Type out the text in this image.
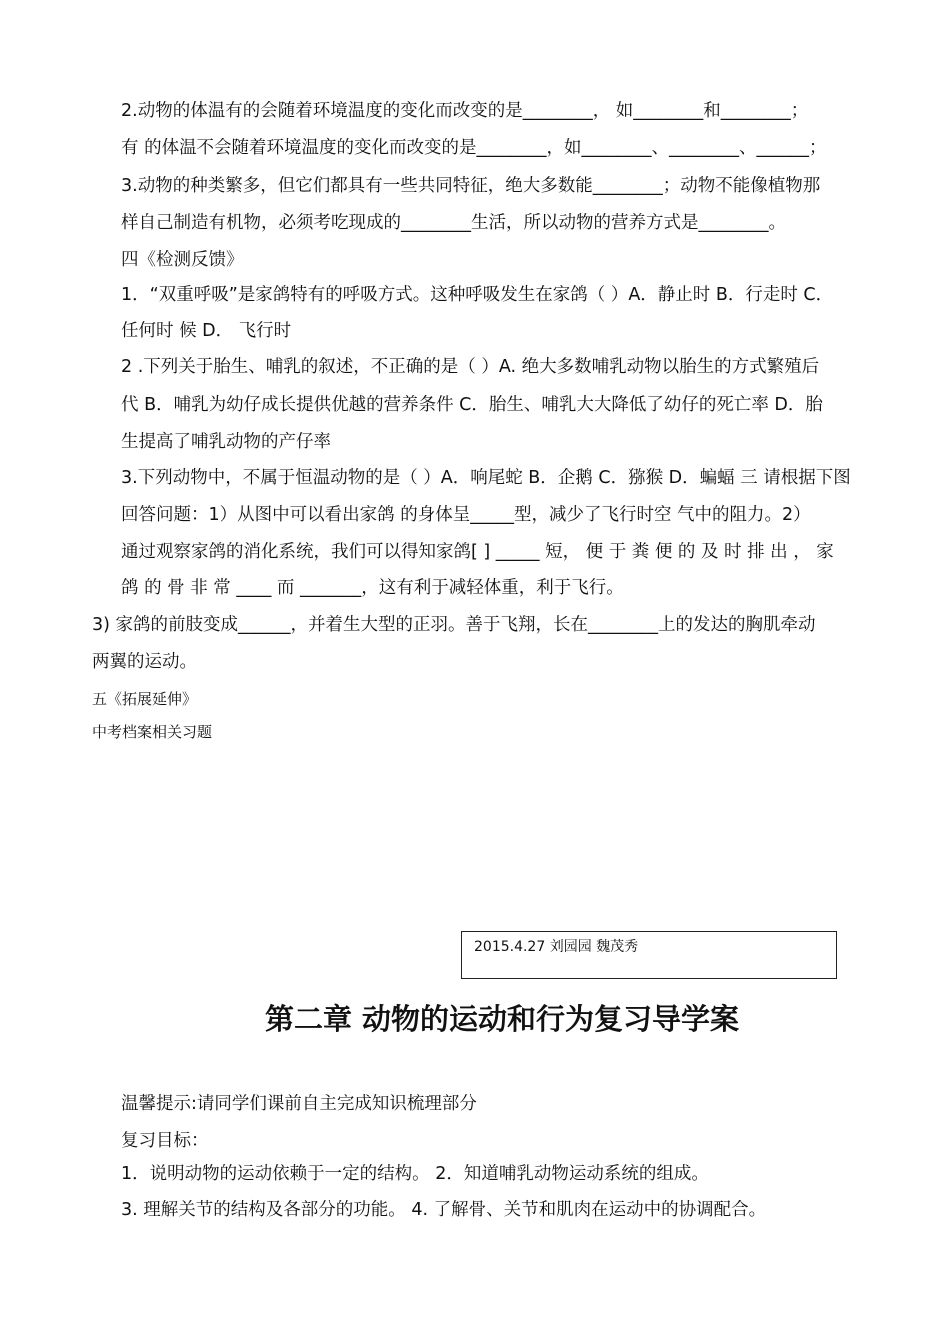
2.动物的体温有的会随着环境温度的变化而改变的是________， 如________和________；

有 的体温不会随着环境温度的变化而改变的是________，如________、________、______；

3.动物的种类繁多，但它们都具有一些共同特征，绝大多数能________；动物不能像植物那

样自己制造有机物，必须考吃现成的________生活，所以动物的营养方式是________。

四《检测反馈》

1．“双重呼吸”是家鸽特有的呼吸方式。这种呼吸发生在家鸽（ ）A．静止时 B．行走时 C．

任何时 候 D． 飞行时

2 .下列关于胎生、哺乳的叙述，不正确的是（ ）A. 绝大多数哺乳动物以胎生的方式繁殖后

代 B．哺乳为幼仔成长提供优越的营养条件 C．胎生、哺乳大大降低了幼仔的死亡率 D．胎

生提高了哺乳动物的产仔率

3.下列动物中，不属于恒温动物的是（ ）A．响尾蛇 B．企鹅 C．猕猴 D．蝙蝠 三 请根据下图

回答问题：1）从图中可以看出家鸽 的身体呈_____型，减少了飞行时空 气中的阻力。2）

通过观察家鸽的消化系统，我们可以得知家鸽[ ] _____ 短， 便 于 粪 便 的 及 时 排 出 ， 家

鸽 的 骨 非 常 ____ 而 _______，这有利于减轻体重，利于飞行。

3) 家鸽的前肢变成______，并着生大型的正羽。善于飞翔，长在________上的发达的胸肌牵动

两翼的运动。

五《拓展延伸》

中考档案相关习题

2015.4.27 刘园园 魏茂秀
第二章 动物的运动和行为复习导学案

温馨提示:请同学们课前自主完成知识梳理部分

复习目标：

1．说明动物的运动依赖于一定的结构。 2．知道哺乳动物运动系统的组成。

3. 理解关节的结构及各部分的功能。 4. 了解骨、关节和肌肉在运动中的协调配合。
